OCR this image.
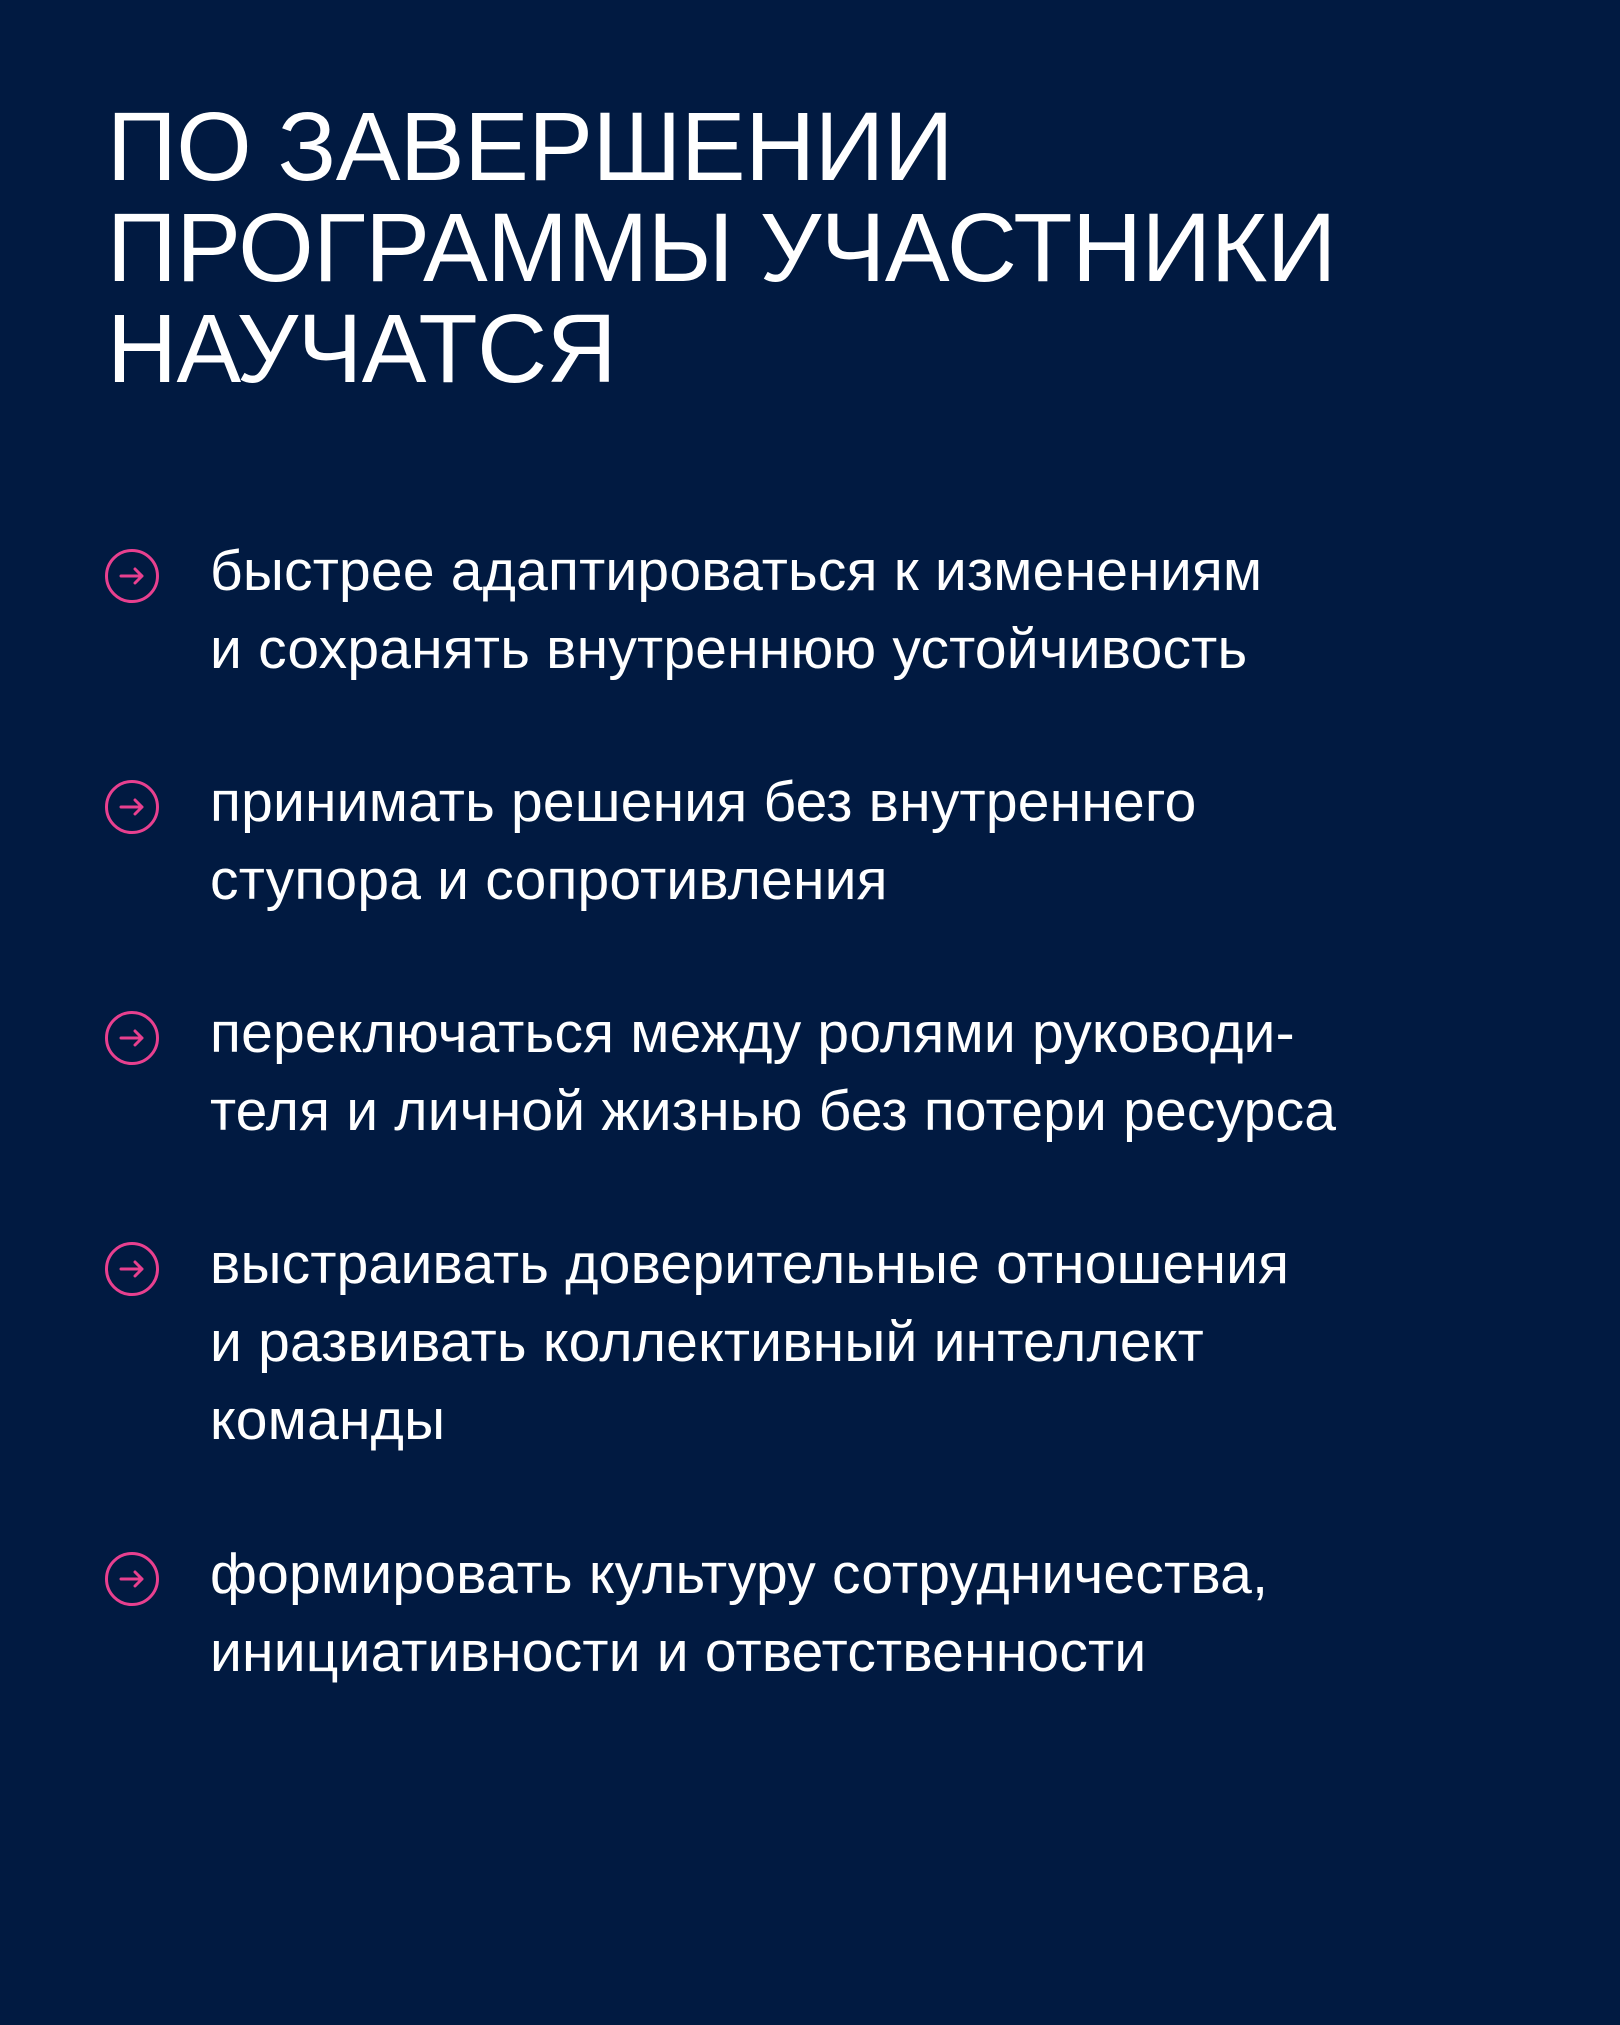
ПО ЗАВЕРШЕНИИ
ПРОГРАММЫ УЧАСТНИКИ
НАУЧАТСЯ
быстрее адаптироваться к изменениям
и сохранять внутреннюю устойчивость
принимать решения без внутреннего
ступора и сопротивления
переключаться между ролями руководи-
теля и личной жизнью без потери ресурса
выстраивать доверительные отношения
и развивать коллективный интеллект
команды
формировать культуру сотрудничества,
инициативности и ответственности
